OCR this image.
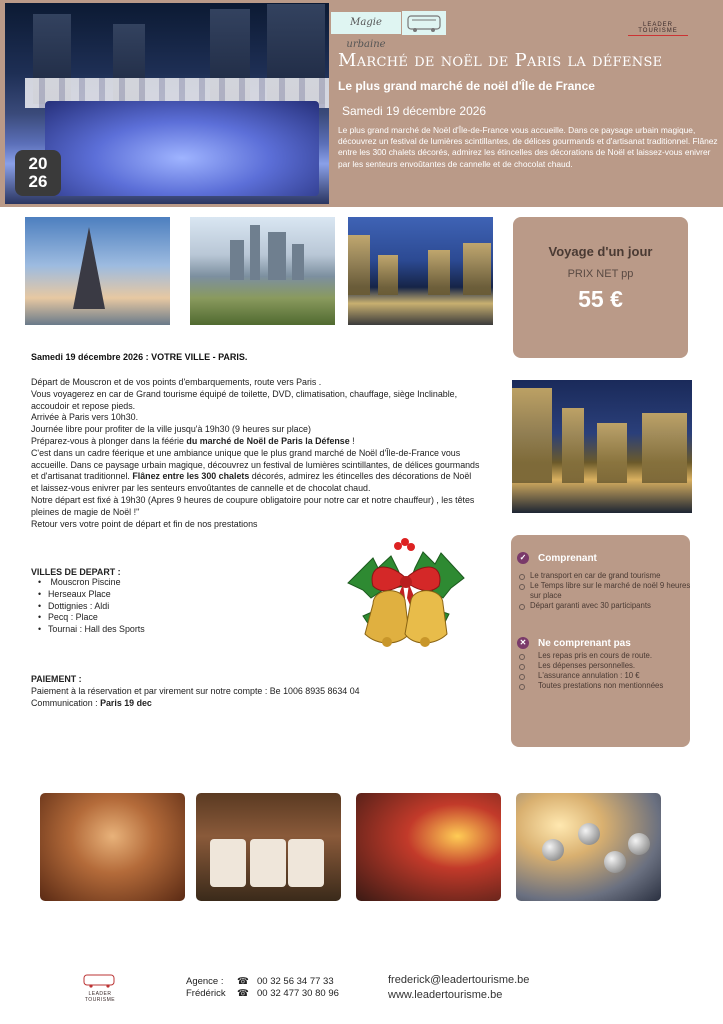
20
26
Magie urbaine
LEADER
TOURISME
Marché de noël de Paris la défense
Le plus grand marché de noël d'Île de France
Samedi 19 décembre 2026
Le plus grand marché de Noël d'Île-de-France vous accueille. Dans ce paysage urbain magique, découvrez un festival de lumières scintillantes, de délices gourmands et d'artisanat traditionnel. Flânez entre les 300 chalets décorés, admirez les étincelles des décorations de Noël et laissez-vous enivrer par les senteurs envoûtantes de cannelle et de chocolat chaud.
Voyage d'un jour
PRIX NET pp
55 €
Samedi 19 décembre 2026 : VOTRE VILLE - PARIS.

Départ de Mouscron et de vos points d'embarquements, route vers Paris .

Vous voyagerez en car de Grand tourisme équipé de toilette, DVD, climatisation, chauffage, siège Inclinable, accoudoir et repose pieds.

Arrivée à Paris vers 10h30.

Journée libre pour profiter de la ville jusqu'à 19h30 (9 heures sur place)

Préparez-vous à plonger dans la féérie du marché de Noël de Paris la Défense !

C'est dans un cadre féerique et une ambiance unique que le plus grand marché de Noël d'Île-de-France vous accueille. Dans ce paysage urbain magique, découvrez un festival de lumières scintillantes, de délices gourmands et d'artisanat traditionnel. Flânez entre les 300 chalets décorés, admirez les étincelles des décorations de Noël et laissez-vous enivrer par les senteurs envoûtantes de cannelle et de chocolat chaud.

Notre départ est fixé à 19h30 (Apres 9 heures de coupure obligatoire pour notre car et notre chauffeur) , les têtes pleines de magie de Noël !"

Retour vers votre point de départ et fin de nos prestations

VILLES DE DEPART :
• Mouscron Piscine
• Herseaux Place
• Dottignies : Aldi
• Pecq : Place
• Tournai : Hall des Sports
PAIEMENT :
Paiement à la réservation et par virement sur notre compte : Be 1006 8935 8634 04
Communication : Paris 19 dec
✓ Comprenant
Le transport en car de grand tourisme
Le Temps libre sur le marché de noël 9 heures sur place
Départ garanti avec 30 participants
✕ Ne comprenant pas
Les repas pris en cours de route.
Les dépenses personnelles.
L'assurance annulation : 10 €
Toutes prestations non mentionnées
LEADER TOURISME
Agence :
Frédérick
☎ 00 32 56 34 77 33
☎ 00 32 477 30 80 96
frederick@leadertourisme.be
www.leadertourisme.be
